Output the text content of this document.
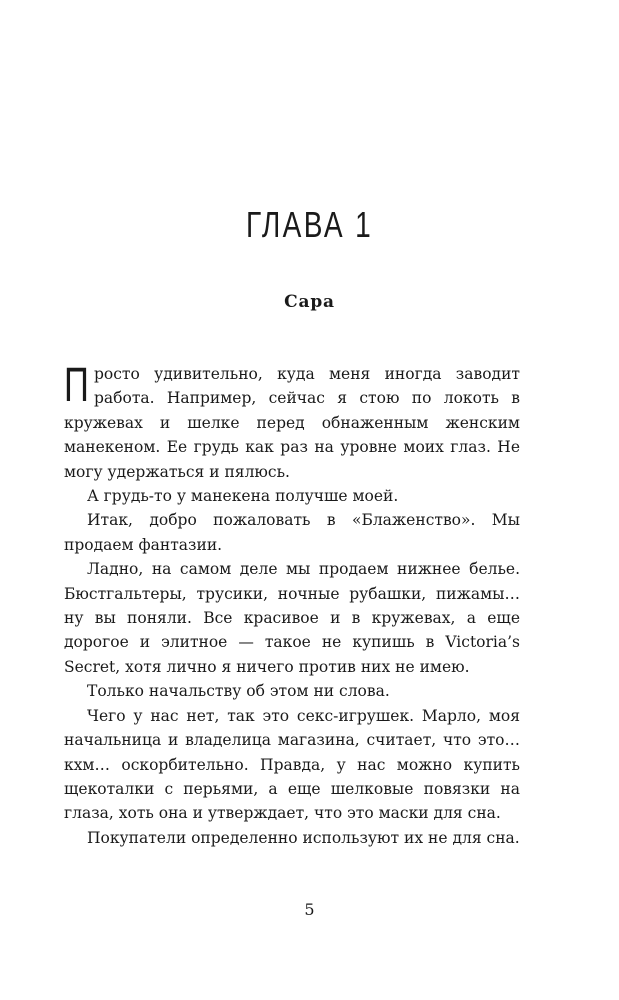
ГЛАВА 1
Сара

Просто удивительно, куда меня иногда заводит работа. Например, сейчас я стою по локоть в кружевах и шелке перед обнаженным женским манекеном. Ее грудь как раз на уровне моих глаз. Не могу удержаться и пялюсь.

А грудь-то у манекена получше моей.

Итак, добро пожаловать в «Блаженство». Мы продаем фантазии.

Ладно, на самом деле мы продаем нижнее белье. Бюстгальтеры, трусики, ночные рубашки, пижамы… ну вы поняли. Все красивое и в кружевах, а еще дорогое и элитное — такое не купишь в Victoria’s Secret, хотя лично я ничего против них не имею.

Только начальству об этом ни слова.

Чего у нас нет, так это секс-игрушек. Марло, моя начальница и владелица магазина, считает, что это… кхм… оскорбительно. Правда, у нас можно купить щекоталки с перьями, а еще шелковые повязки на глаза, хоть она и утверждает, что это маски для сна.

Покупатели определенно используют их не для сна.

5
